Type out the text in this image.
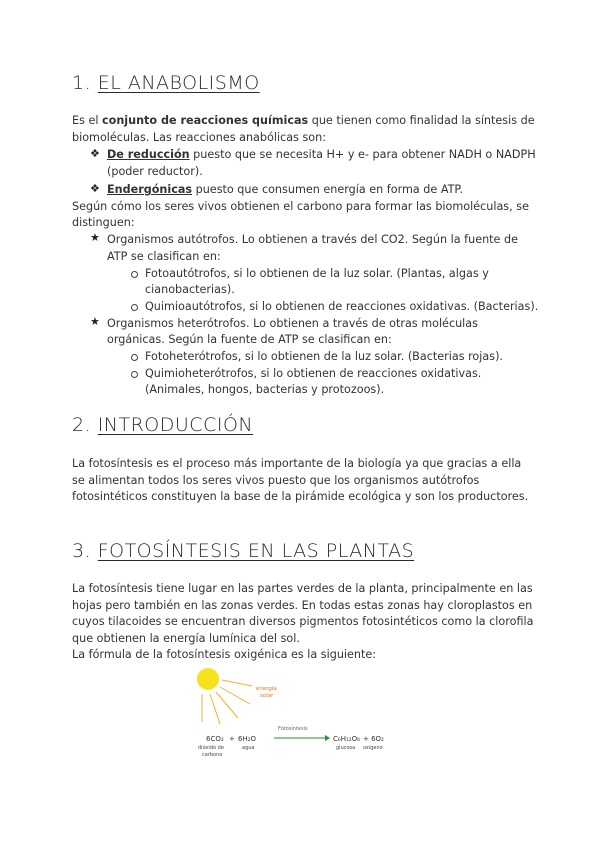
1. EL ANABOLISMO
Es el conjunto de reacciones químicas que tienen como finalidad la síntesis de
biomoléculas. Las reacciones anabólicas son:
❖ De reducción puesto que se necesita H+ y e- para obtener NADH o NADPH
(poder reductor).
❖ Endergónicas puesto que consumen energía en forma de ATP.
Según cómo los seres vivos obtienen el carbono para formar las biomoléculas, se
distinguen:
★ Organismos autótrofos. Lo obtienen a través del CO2. Según la fuente de
ATP se clasifican en:
Fotoautótrofos, si lo obtienen de la luz solar. (Plantas, algas y
cianobacterias).
Quimioautótrofos, si lo obtienen de reacciones oxidativas. (Bacterias).
★ Organismos heterótrofos. Lo obtienen a través de otras moléculas
orgánicas. Según la fuente de ATP se clasifican en:
Fotoheterótrofos, si lo obtienen de la luz solar. (Bacterias rojas).
Quimioheterótrofos, si lo obtienen de reacciones oxidativas.
(Animales, hongos, bacterias y protozoos).
2. INTRODUCCIÓN
La fotosíntesis es el proceso más importante de la biología ya que gracias a ella
se alimentan todos los seres vivos puesto que los organismos autótrofos
fotosintéticos constituyen la base de la pirámide ecológica y son los productores.
3. FOTOSÍNTESIS EN LAS PLANTAS
La fotosíntesis tiene lugar en las partes verdes de la planta, principalmente en las
hojas pero también en las zonas verdes. En todas estas zonas hay cloroplastos en
cuyos tilacoides se encuentran diversos pigmentos fotosintéticos como la clorofila
que obtienen la energía lumínica del sol.
La fórmula de la fotosíntesis oxigénica es la siguiente:
energía
solar
Fotosíntesis
6CO₂ + 6H₂O	C₆H₁₂O₆ + 6O₂
dióxido de
carbono
agua	glucosa oxígeno
